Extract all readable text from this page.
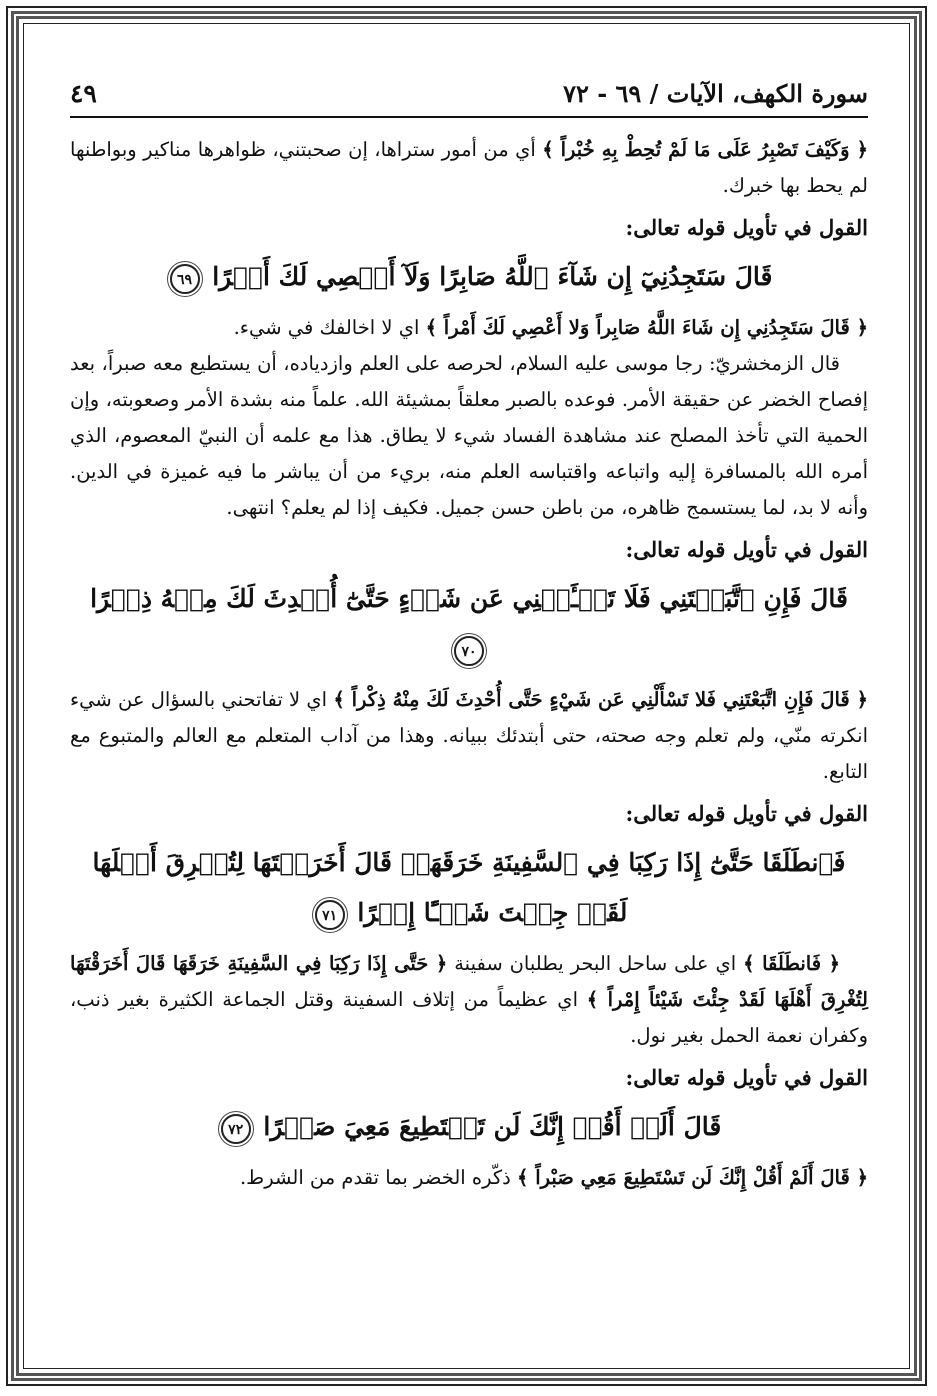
سورة الكهف، الآيات / ٦٩ - ٧٢
٤٩

﴿ وَكَيْفَ تَصْبِرُ عَلَى مَا لَمْ تُحِطْ بِهِ خُبْراً ﴾ أي من أمور ستراها، إن صحبتني، ظواهرها مناكير وبواطنها لم يحط بها خبرك.

القول في تأويل قوله تعالى:
قَالَ سَتَجِدُنِيٓ إِن شَآءَ ٱللَّهُ صَابِرًا وَلَآ أَعۡصِي لَكَ أَمۡرًا ٦٩

﴿ قَالَ سَتَجِدُنِي إِن شَاءَ اللَّهُ صَابِراً وَلا أَعْصِي لَكَ أَمْراً ﴾ اي لا اخالفك في شيء.

قال الزمخشريّ: رجا موسى عليه السلام، لحرصه على العلم وازدياده، أن يستطيع معه صبراً، بعد إفصاح الخضر عن حقيقة الأمر. فوعده بالصبر معلقاً بمشيئة الله. علماً منه بشدة الأمر وصعوبته، وإن الحمية التي تأخذ المصلح عند مشاهدة الفساد شيء لا يطاق. هذا مع علمه أن النبيّ المعصوم، الذي أمره الله بالمسافرة إليه واتباعه واقتباسه العلم منه، بريء من أن يباشر ما فيه غميزة في الدين. وأنه لا بد، لما يستسمج ظاهره، من باطن حسن جميل. فكيف إذا لم يعلم؟ انتهى.

القول في تأويل قوله تعالى:
قَالَ فَإِنِ ٱتَّبَعۡتَنِي فَلَا تَسۡـَٔلۡنِي عَن شَيۡءٍ حَتَّىٰٓ أُحۡدِثَ لَكَ مِنۡهُ ذِكۡرًا ٧٠

﴿ قَالَ فَإِنِ اتَّبَعْتَنِي فَلا تَسْأَلْنِي عَن شَيْءٍ حَتَّى أُحْدِثَ لَكَ مِنْهُ ذِكْراً ﴾ اي لا تفاتحني بالسؤال عن شيء انكرته منّي، ولم تعلم وجه صحته، حتى أبتدئك ببيانه. وهذا من آداب المتعلم مع العالم والمتبوع مع التابع.

القول في تأويل قوله تعالى:
فَٱنطَلَقَا حَتَّىٰٓ إِذَا رَكِبَا فِي ٱلسَّفِينَةِ خَرَقَهَاۖ قَالَ أَخَرَقۡتَهَا لِتُغۡرِقَ أَهۡلَهَا لَقَدۡ جِئۡتَ شَيۡـًٔا إِمۡرًا ٧١

﴿ فَانطَلَقَا ﴾ اي على ساحل البحر يطلبان سفينة ﴿ حَتَّى إِذَا رَكِبَا فِي السَّفِينَةِ خَرَقَهَا قَالَ أَخَرَقْتَهَا لِتُغْرِقَ أَهْلَهَا لَقَدْ جِئْتَ شَيْئاً إِمْراً ﴾ اي عظيماً من إتلاف السفينة وقتل الجماعة الكثيرة بغير ذنب، وكفران نعمة الحمل بغير نول.

القول في تأويل قوله تعالى:
قَالَ أَلَمۡ أَقُلۡ إِنَّكَ لَن تَسۡتَطِيعَ مَعِيَ صَبۡرًا ٧٢

﴿ قَالَ أَلَمْ أَقُلْ إِنَّكَ لَن تَسْتَطِيعَ مَعِي صَبْراً ﴾ ذكّره الخضر بما تقدم من الشرط.
